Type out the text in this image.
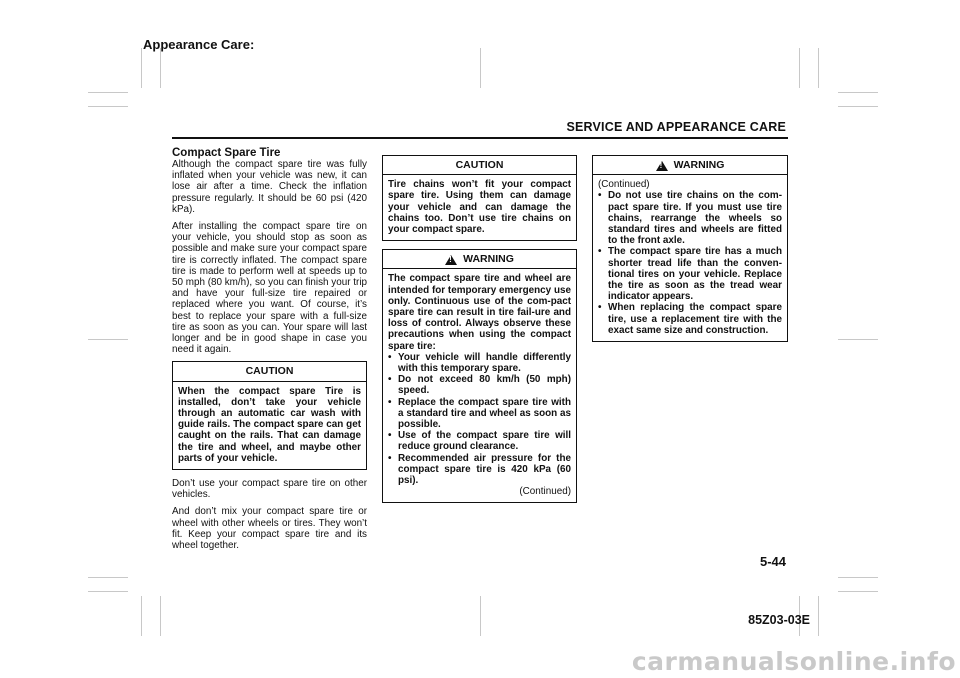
Appearance Care:
SERVICE AND APPEARANCE CARE
Compact Spare Tire

Although the compact spare tire was fully inflated when your vehicle was new, it can lose air after a time. Check the inflation pressure regularly. It should be 60 psi (420 kPa).

After installing the compact spare tire on your vehicle, you should stop as soon as possible and make sure your compact spare tire is correctly inflated. The compact spare tire is made to perform well at speeds up to 50 mph (80 km/h), so you can finish your trip and have your full-size tire repaired or replaced where you want. Of course, it’s best to replace your spare with a full-size tire as soon as you can. Your spare will last longer and be in good shape in case you need it again.

CAUTION
When the compact spare Tire is installed, don’t take your vehicle through an automatic car wash with guide rails. The compact spare can get caught on the rails. That can damage the tire and wheel, and maybe other parts of your vehicle.

Don’t use your compact spare tire on other vehicles.

And don’t mix your compact spare tire or wheel with other wheels or tires. They won’t fit. Keep your compact spare tire and its wheel together.

CAUTION
Tire chains won’t fit your compact spare tire. Using them can damage your vehicle and can damage the chains too. Don’t use tire chains on your compact spare.
!
WARNING
The compact spare tire and wheel are intended for temporary emergency use only. Continuous use of the com-pact spare tire can result in tire fail-ure and loss of control. Always observe these precautions when using the compact spare tire:
• Your vehicle will handle differently with this temporary spare.
• Do not exceed 80 km/h (50 mph) speed.
• Replace the compact spare tire with a standard tire and wheel as soon as possible.
• Use of the compact spare tire will reduce ground clearance.
• Recommended air pressure for the compact spare tire is 420 kPa (60 psi).
(Continued)
!
WARNING
(Continued)
• Do not use tire chains on the com-pact spare tire. If you must use tire chains, rearrange the wheels so standard tires and wheels are fitted to the front axle.
• The compact spare tire has a much shorter tread life than the conven-tional tires on your vehicle. Replace the tire as soon as the tread wear indicator appears.
• When replacing the compact spare tire, use a replacement tire with the exact same size and construction.
5-44
85Z03-03E
carmanualsonline.info
